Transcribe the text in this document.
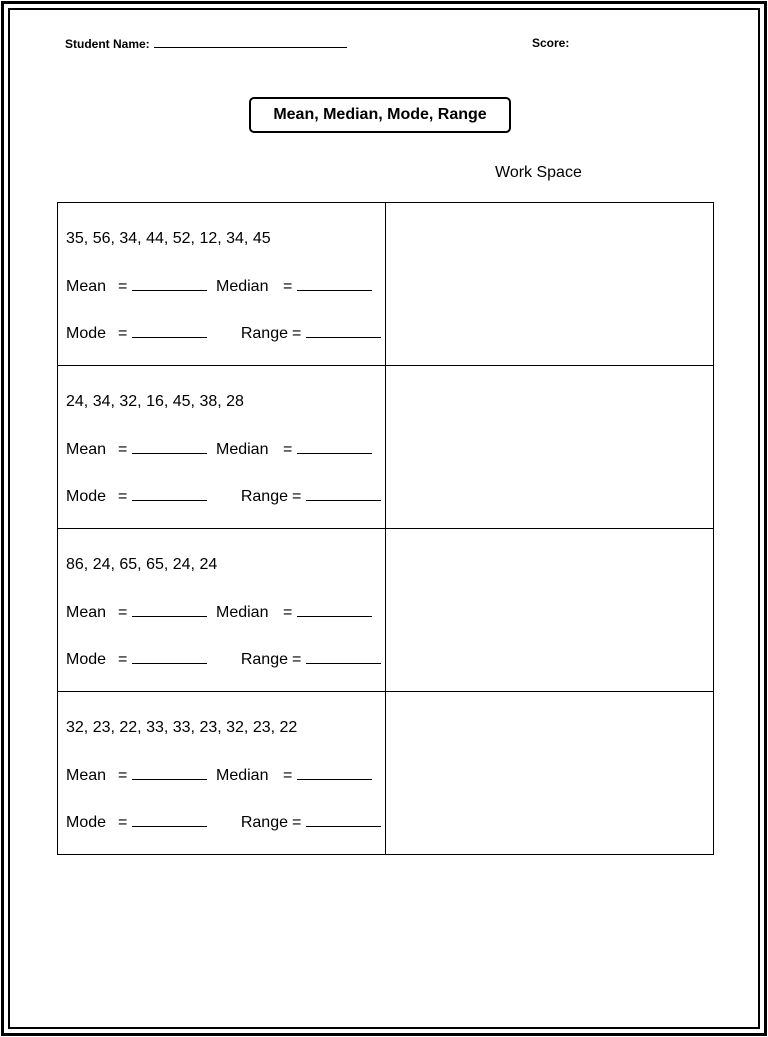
Student Name:	Score:
Mean, Median, Mode, Range
Work Space
35, 56, 34, 44, 52, 12, 34, 45
Mean = Median =
Mode = Range =	

24, 34, 32, 16, 45, 38, 28
Mean = Median =
Mode = Range =	

86, 24, 65, 65, 24, 24
Mean = Median =
Mode = Range =	

32, 23, 22, 33, 33, 23, 32, 23, 22
Mean = Median =
Mode = Range =	
